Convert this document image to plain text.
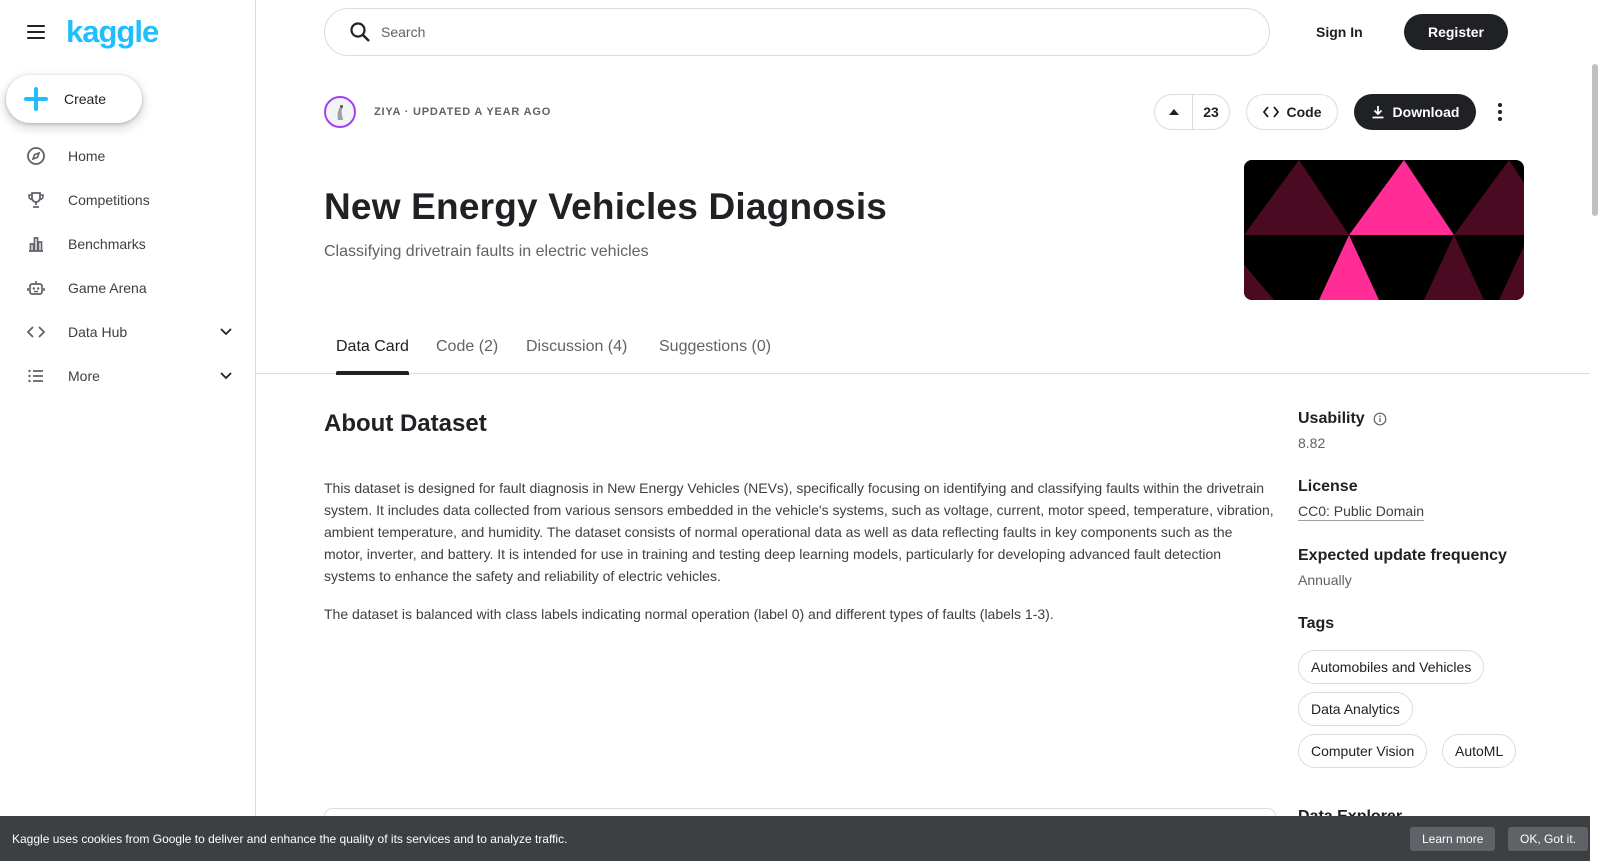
kaggle
Create
Home
Competitions
Benchmarks
Game Arena
Data Hub
More
Search
Sign In	Register
ZIYA · UPDATED A YEAR AGO	23	Code	Download
New Energy Vehicles Diagnosis
Classifying drivetrain faults in electric vehicles
Data Card Code (2) Discussion (4) Suggestions (0)
About Dataset

This dataset is designed for fault diagnosis in New Energy Vehicles (NEVs), specifically focusing on identifying and classifying faults within the drivetrain system. It includes data collected from various sensors embedded in the vehicle's systems, such as voltage, current, motor speed, temperature, vibration, ambient temperature, and humidity. The dataset consists of normal operational data as well as data reflecting faults in key components such as the motor, inverter, and battery. It is intended for use in training and testing deep learning models, particularly for developing advanced fault detection systems to enhance the safety and reliability of electric vehicles.

The dataset is balanced with class labels indicating normal operation (label 0) and different types of faults (labels 1-3).

Usability
8.82
License
CC0: Public Domain
Expected update frequency
Annually
Tags
Automobiles and Vehicles
Data Analytics
Computer Vision	AutoML
Kaggle uses cookies from Google to deliver and enhance the quality of its services and to analyze traffic.	Learn more	OK, Got it.
